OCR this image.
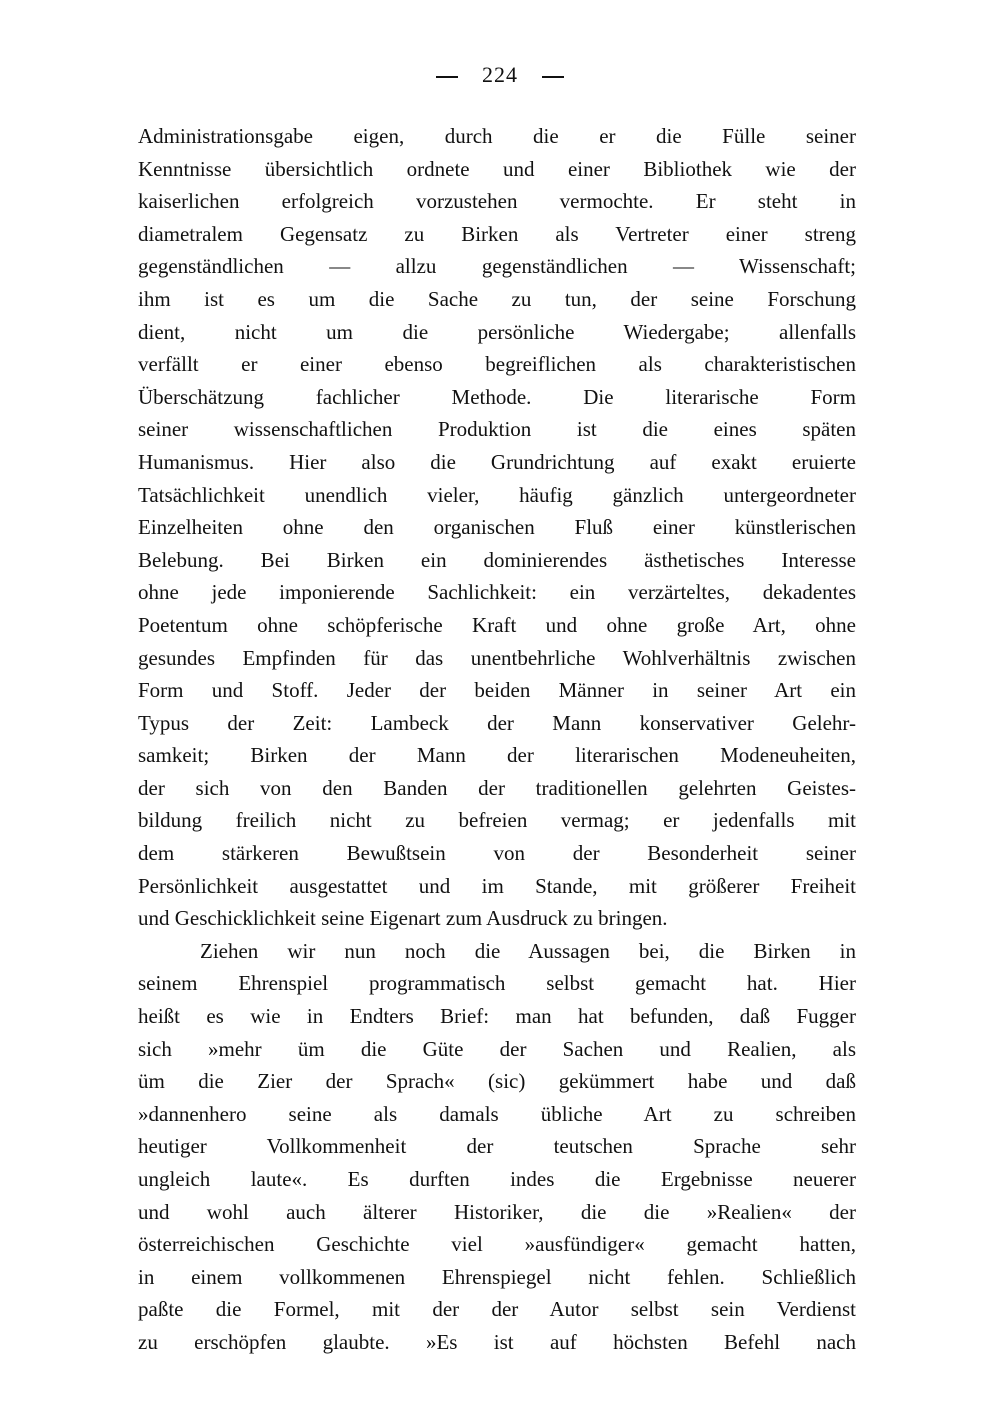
224
Administrationsgabe eigen, durch die er die Fülle seiner
Kenntnisse übersichtlich ordnete und einer Bibliothek wie der
kaiserlichen erfolgreich vorzustehen vermochte. Er steht in
diametralem Gegensatz zu Birken als Vertreter einer streng
gegenständlichen — allzu gegenständlichen — Wissenschaft;
ihm ist es um die Sache zu tun, der seine Forschung
dient, nicht um die persönliche Wiedergabe; allenfalls
verfällt er einer ebenso begreiflichen als charakteristischen
Überschätzung fachlicher Methode. Die literarische Form
seiner wissenschaftlichen Produktion ist die eines späten
Humanismus. Hier also die Grundrichtung auf exakt eruierte
Tatsächlichkeit unendlich vieler, häufig gänzlich untergeordneter
Einzelheiten ohne den organischen Fluß einer künstlerischen
Belebung. Bei Birken ein dominierendes ästhetisches Interesse
ohne jede imponierende Sachlichkeit: ein verzärteltes, dekadentes
Poetentum ohne schöpferische Kraft und ohne große Art, ohne
gesundes Empfinden für das unentbehrliche Wohlverhältnis zwischen
Form und Stoff. Jeder der beiden Männer in seiner Art ein
Typus der Zeit: Lambeck der Mann konservativer Gelehr-
samkeit; Birken der Mann der literarischen Modeneuheiten,
der sich von den Banden der traditionellen gelehrten Geistes-
bildung freilich nicht zu befreien vermag; er jedenfalls mit
dem stärkeren Bewußtsein von der Besonderheit seiner
Persönlichkeit ausgestattet und im Stande, mit größerer Freiheit
und Geschicklichkeit seine Eigenart zum Ausdruck zu bringen.
Ziehen wir nun noch die Aussagen bei, die Birken in
seinem Ehrenspiel programmatisch selbst gemacht hat. Hier
heißt es wie in Endters Brief: man hat befunden, daß Fugger
sich »mehr üm die Güte der Sachen und Realien, als
üm die Zier der Sprach« (sic) gekümmert habe und daß
»dannenhero seine als damals übliche Art zu schreiben
heutiger Vollkommenheit der teutschen Sprache sehr
ungleich laute«. Es durften indes die Ergebnisse neuerer
und wohl auch älterer Historiker, die die »Realien« der
österreichischen Geschichte viel »ausfündiger« gemacht hatten,
in einem vollkommenen Ehrenspiegel nicht fehlen. Schließlich
paßte die Formel, mit der der Autor selbst sein Verdienst
zu erschöpfen glaubte. »Es ist auf höchsten Befehl nach
